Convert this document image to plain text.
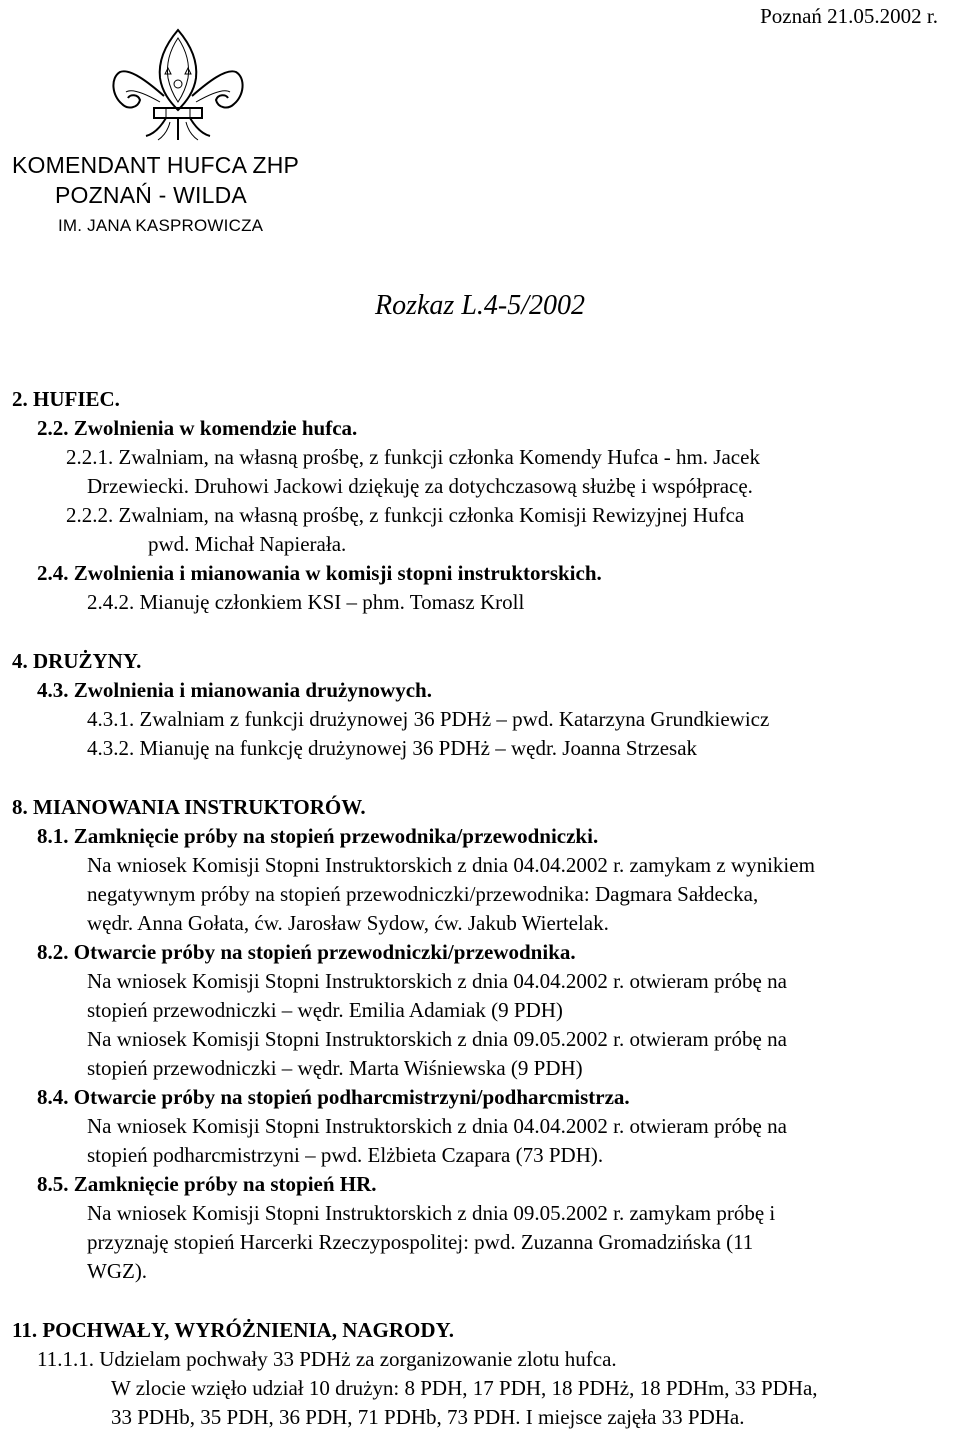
Poznań 21.05.2002 r.
KOMENDANT HUFCA ZHP
POZNAŃ - WILDA
IM. JANA KASPROWICZA
Rozkaz L.4-5/2002
2. HUFIEC.
2.2. Zwolnienia w komendzie hufca.
2.2.1. Zwalniam, na własną prośbę, z funkcji członka Komendy Hufca - hm. Jacek
Drzewiecki. Druhowi Jackowi dziękuję za dotychczasową służbę i współpracę.
2.2.2. Zwalniam, na własną prośbę, z funkcji członka Komisji Rewizyjnej Hufca
pwd. Michał Napierała.
2.4. Zwolnienia i mianowania w komisji stopni instruktorskich.
2.4.2. Mianuję członkiem KSI – phm. Tomasz Kroll
4. DRUŻYNY.
4.3. Zwolnienia i mianowania drużynowych.
4.3.1. Zwalniam z funkcji drużynowej 36 PDHż – pwd. Katarzyna Grundkiewicz
4.3.2. Mianuję na funkcję drużynowej 36 PDHż – wędr. Joanna Strzesak
8. MIANOWANIA INSTRUKTORÓW.
8.1. Zamknięcie próby na stopień przewodnika/przewodniczki.
Na wniosek Komisji Stopni Instruktorskich z dnia 04.04.2002 r. zamykam z wynikiem
negatywnym próby na stopień przewodniczki/przewodnika: Dagmara Sałdecka,
wędr. Anna Gołata, ćw. Jarosław Sydow, ćw. Jakub Wiertelak.
8.2. Otwarcie próby na stopień przewodniczki/przewodnika.
Na wniosek Komisji Stopni Instruktorskich z dnia 04.04.2002 r. otwieram próbę na
stopień przewodniczki – wędr. Emilia Adamiak (9 PDH)
Na wniosek Komisji Stopni Instruktorskich z dnia 09.05.2002 r. otwieram próbę na
stopień przewodniczki – wędr. Marta Wiśniewska (9 PDH)
8.4. Otwarcie próby na stopień podharcmistrzyni/podharcmistrza.
Na wniosek Komisji Stopni Instruktorskich z dnia 04.04.2002 r. otwieram próbę na
stopień podharcmistrzyni – pwd. Elżbieta Czapara (73 PDH).
8.5. Zamknięcie próby na stopień HR.
Na wniosek Komisji Stopni Instruktorskich z dnia 09.05.2002 r. zamykam próbę i
przyznaję stopień Harcerki Rzeczypospolitej: pwd. Zuzanna Gromadzińska (11
WGZ).
11. POCHWAŁY, WYRÓŻNIENIA, NAGRODY.
11.1.1. Udzielam pochwały 33 PDHż za zorganizowanie zlotu hufca.
W zlocie wzięło udział 10 drużyn: 8 PDH, 17 PDH, 18 PDHż, 18 PDHm, 33 PDHa,
33 PDHb, 35 PDH, 36 PDH, 71 PDHb, 73 PDH. I miejsce zajęła 33 PDHa.
